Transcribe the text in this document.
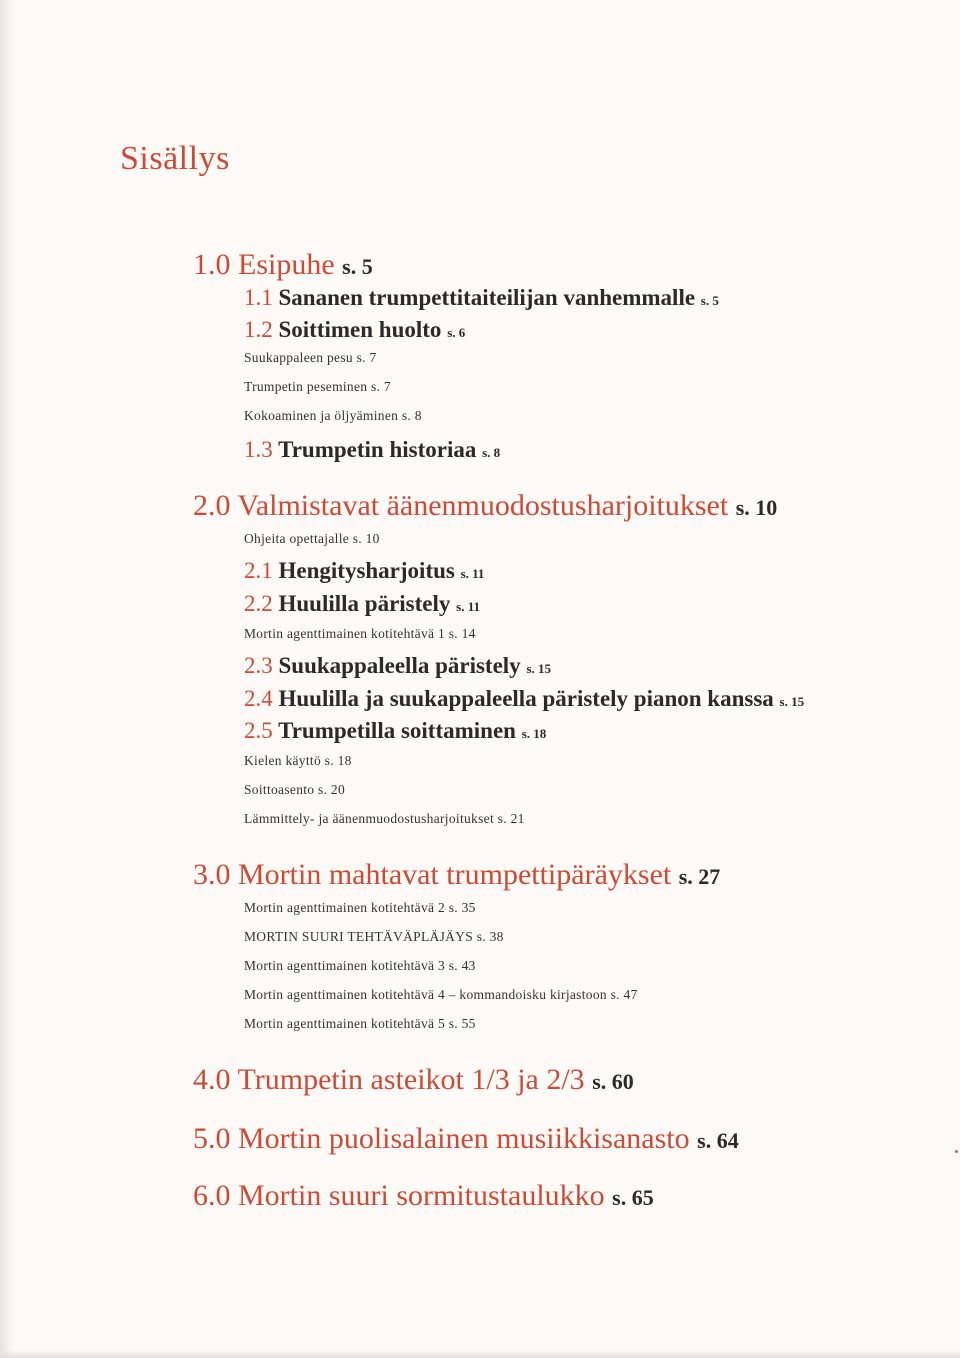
Sisällys
1.0 Esipuhe s. 5
1.1 Sananen trumpettitaiteilijan vanhemmalle s. 5
1.2 Soittimen huolto s. 6
Suukappaleen pesu s. 7
Trumpetin peseminen s. 7
Kokoaminen ja öljyäminen s. 8
1.3 Trumpetin historiaa s. 8
2.0 Valmistavat äänenmuodostusharjoitukset s. 10
Ohjeita opettajalle s. 10
2.1 Hengitysharjoitus s. 11
2.2 Huulilla päristely s. 11
Mortin agenttimainen kotitehtävä 1 s. 14
2.3 Suukappaleella päristely s. 15
2.4 Huulilla ja suukappaleella päristely pianon kanssa s. 15
2.5 Trumpetilla soittaminen s. 18
Kielen käyttö s. 18
Soittoasento s. 20
Lämmittely- ja äänenmuodostusharjoitukset s. 21
3.0 Mortin mahtavat trumpettipäräykset s. 27
Mortin agenttimainen kotitehtävä 2 s. 35
MORTIN SUURI TEHTÄVÄPLÄJÄYS s. 38
Mortin agenttimainen kotitehtävä 3 s. 43
Mortin agenttimainen kotitehtävä 4 – kommandoisku kirjastoon s. 47
Mortin agenttimainen kotitehtävä 5 s. 55
4.0 Trumpetin asteikot 1/3 ja 2/3 s. 60
5.0 Mortin puolisalainen musiikkisanasto s. 64
6.0 Mortin suuri sormitustaulukko s. 65
